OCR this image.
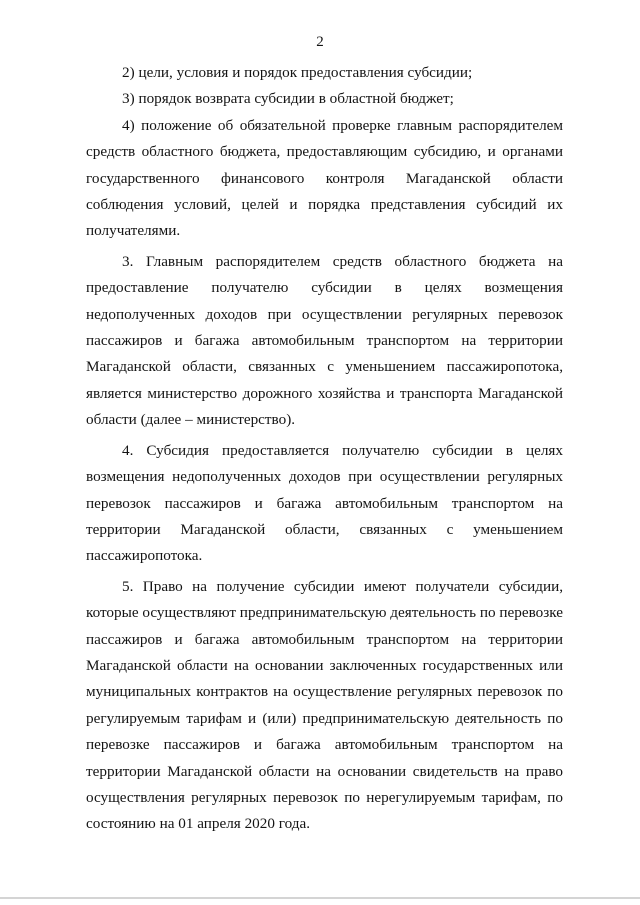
2

2) цели, условия и порядок предоставления субсидии;

3) порядок возврата субсидии в областной бюджет;

4) положение об обязательной проверке главным распорядителем средств областного бюджета, предоставляющим субсидию, и органами государственного финансового контроля Магаданской области соблюдения условий, целей и порядка представления субсидий их получателями.

3. Главным распорядителем средств областного бюджета на предоставление получателю субсидии в целях возмещения недополученных доходов при осуществлении регулярных перевозок пассажиров и багажа автомобильным транспортом на территории Магаданской области, связанных с уменьшением пассажиропотока, является министерство дорожного хозяйства и транспорта Магаданской области (далее – министерство).

4. Субсидия предоставляется получателю субсидии в целях возмещения недополученных доходов при осуществлении регулярных перевозок пассажиров и багажа автомобильным транспортом на территории Магаданской области, связанных с уменьшением пассажиропотока.

5. Право на получение субсидии имеют получатели субсидии, которые осуществляют предпринимательскую деятельность по перевозке пассажиров и багажа автомобильным транспортом на территории Магаданской области на основании заключенных государственных или муниципальных контрактов на осуществление регулярных перевозок по регулируемым тарифам и (или) предпринимательскую деятельность по перевозке пассажиров и багажа автомобильным транспортом на территории Магаданской области на основании свидетельств на право осуществления регулярных перевозок по нерегулируемым тарифам, по состоянию на 01 апреля 2020 года.
